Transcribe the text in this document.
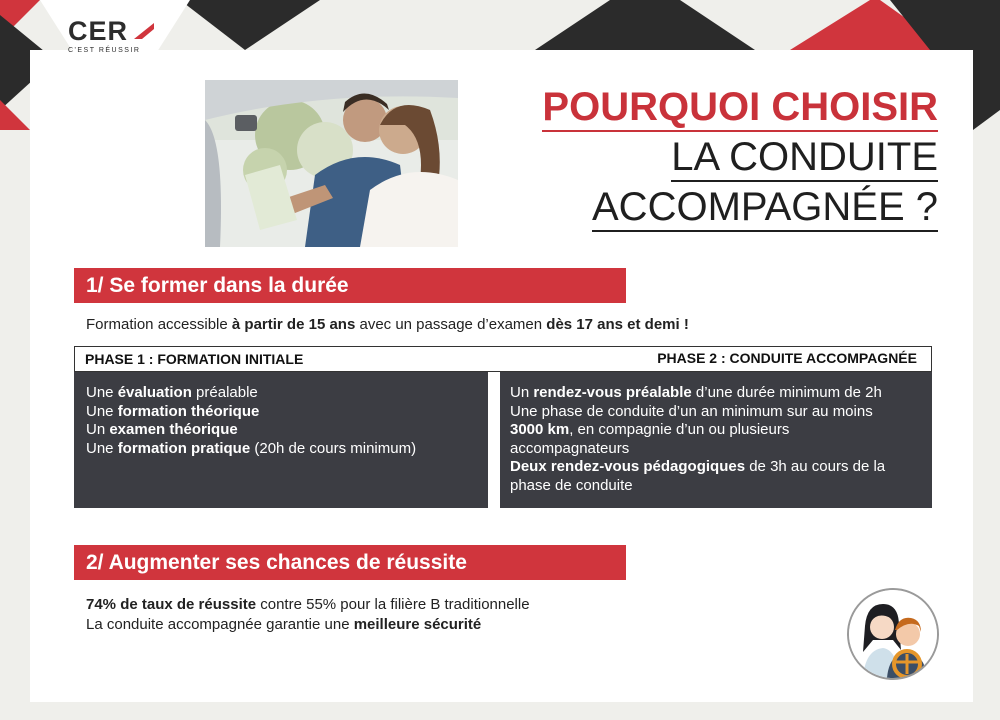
CER
C'EST RÉUSSIR
POURQUOI CHOISIR
LA CONDUITE
ACCOMPAGNÉE ?
1/ Se former dans la durée
Formation accessible à partir de 15 ans avec un passage d’examen dès 17 ans et demi !
PHASE 1 : FORMATION INITIALE	PHASE 2 : CONDUITE ACCOMPAGNÉE
Une évaluation préalable
Une formation théorique
Un examen théorique
Une formation pratique (20h de cours minimum)
Un rendez-vous préalable d’une durée minimum de 2h
Une phase de conduite d’un an minimum sur au moins
3000 km, en compagnie d’un ou plusieurs
accompagnateurs
Deux rendez-vous pédagogiques de 3h au cours de la
phase de conduite
2/ Augmenter ses chances de réussite
74% de taux de réussite contre 55% pour la filière B traditionnelle
La conduite accompagnée garantie une meilleure sécurité
